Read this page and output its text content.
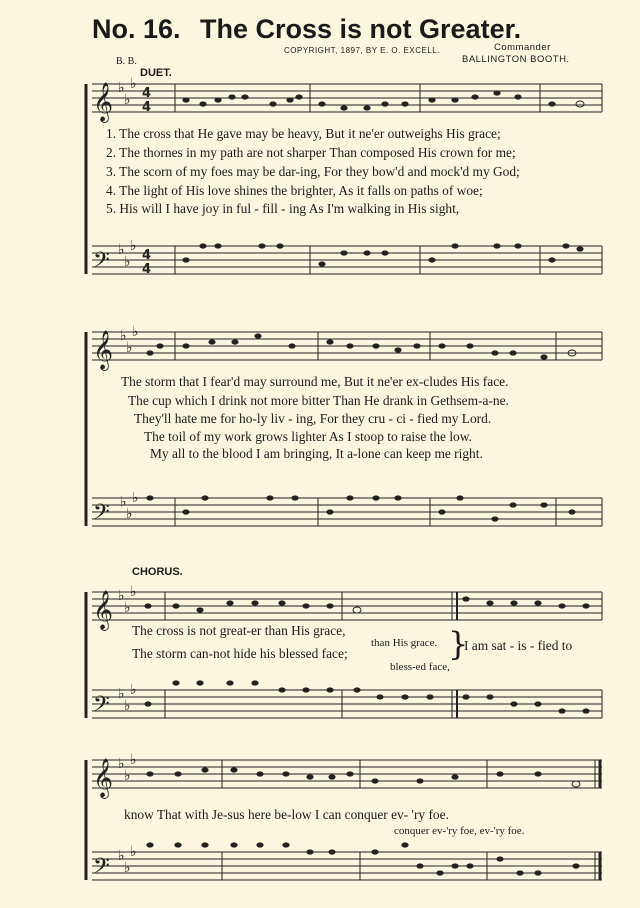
No. 16. The Cross is not Greater.
B. B.
COPYRIGHT, 1897, BY E. O. EXCELL.	Commander
BALLINGTON BOOTH.
𝄞
𝄢
𝄞
𝄢
𝄞
𝄢
𝄞
𝄢
♭
♭
♭
♭
♭
♭
♭
♭
♭
♭
♭
♭
♭
♭
♭
♭
♭
♭
♭
♭
♭
♭
♭
♭
4
4
4
4
DUET.
CHORUS.
1. The cross that He gave may be heavy, But it ne'er outweighs His grace;
2. The thornes in my path are not sharper Than composed His crown for me;
3. The scorn of my foes may be dar-ing, For they bow'd and mock'd my God;
4. The light of His love shines the brighter, As it falls on paths of woe;
5. His will I have joy in ful - fill - ing As I'm walking in His sight,
The storm that I fear'd may surround me, But it ne'er ex-cludes His face.
The cup which I drink not more bitter Than He drank in Gethsem-a-ne.
They'll hate me for ho-ly liv - ing, For they cru - ci - fied my Lord.
The toil of my work grows lighter As I stoop to raise the low.
My all to the blood I am bringing, It a-lone can keep me right.
The cross is not great-er than His grace,
than His grace.
The storm can-not hide his blessed face;
bless-ed face,
}
I am sat - is - fied to
know That with Je-sus here be-low I can conquer ev- 'ry foe.
conquer ev-'ry foe, ev-'ry foe.
